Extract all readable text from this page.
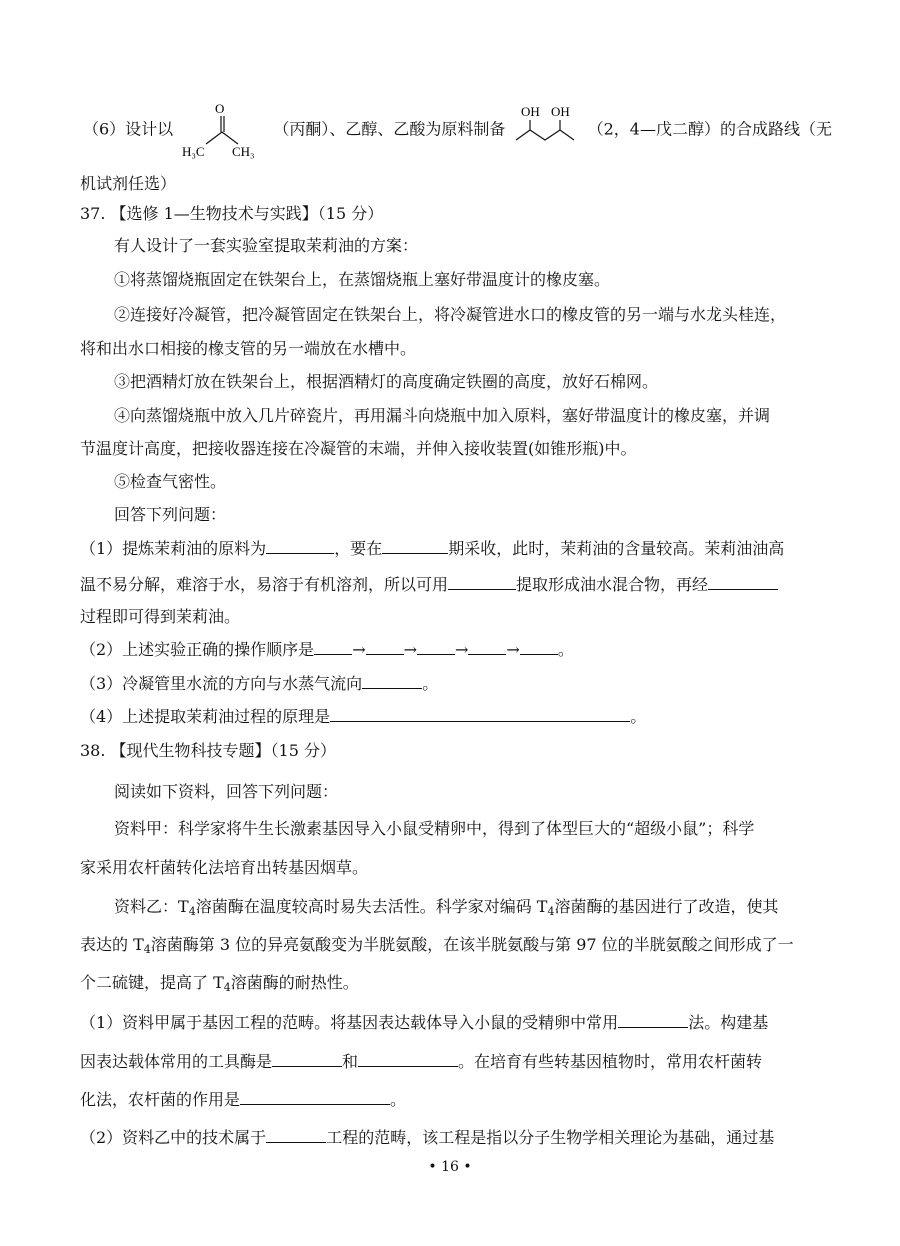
（6）设计以
O
H₃C CH₃
（丙酮）、乙醇、乙酸为原料制备
OH OH
（2，4—戊二醇）的合成路线（无
机试剂任选）
37. 【选修 1—生物技术与实践】（15 分）
有人设计了一套实验室提取茉莉油的方案：
①将蒸馏烧瓶固定在铁架台上，在蒸馏烧瓶上塞好带温度计的橡皮塞。
②连接好冷凝管，把冷凝管固定在铁架台上，将冷凝管进水口的橡皮管的另一端与水龙头桂连，
将和出水口相接的橡支管的另一端放在水槽中。
③把酒精灯放在铁架台上，根据酒精灯的高度确定铁圈的高度，放好石棉网。
④向蒸馏烧瓶中放入几片碎瓷片，再用漏斗向烧瓶中加入原料，塞好带温度计的橡皮塞，并调
节温度计高度，把接收器连接在冷凝管的末端，并伸入接收装置(如锥形瓶)中。
⑤检查气密性。
回答下列问题：
（1）提炼茉莉油的原料为	，要在	期采收，此时，茉莉油的含量较高。茉莉油油高
温不易分解，难溶于水，易溶于有机溶剂，所以可用	提取形成油水混合物，再经
过程即可得到茉莉油。
（2）上述实验正确的操作顺序是 → → → → 。
（3）冷凝管里水流的方向与水蒸气流向	。
（4）上述提取茉莉油过程的原理是	。
38. 【现代生物科技专题】（15 分）
阅读如下资料，回答下列问题：
资料甲：科学家将牛生长激素基因导入小鼠受精卵中，得到了体型巨大的“超级小鼠”；科学
家采用农杆菌转化法培育出转基因烟草。
资料乙：$T_4$溶菌酶在温度较高时易失去活性。科学家对编码 $T_4$溶菌酶的基因进行了改造，使其
表达的 $T_4$溶菌酶第 3 位的异亮氨酸变为半胱氨酸，在该半胱氨酸与第 97 位的半胱氨酸之间形成了一
个二硫键，提高了 $T_4$溶菌酶的耐热性。
（1）资料甲属于基因工程的范畴。将基因表达载体导入小鼠的受精卵中常用	法。构建基
因表达载体常用的工具酶是	和	。在培育有些转基因植物时，常用农杆菌转
化法，农杆菌的作用是	。
（2）资料乙中的技术属于	工程的范畴，该工程是指以分子生物学相关理论为基础，通过基
• 16 •
